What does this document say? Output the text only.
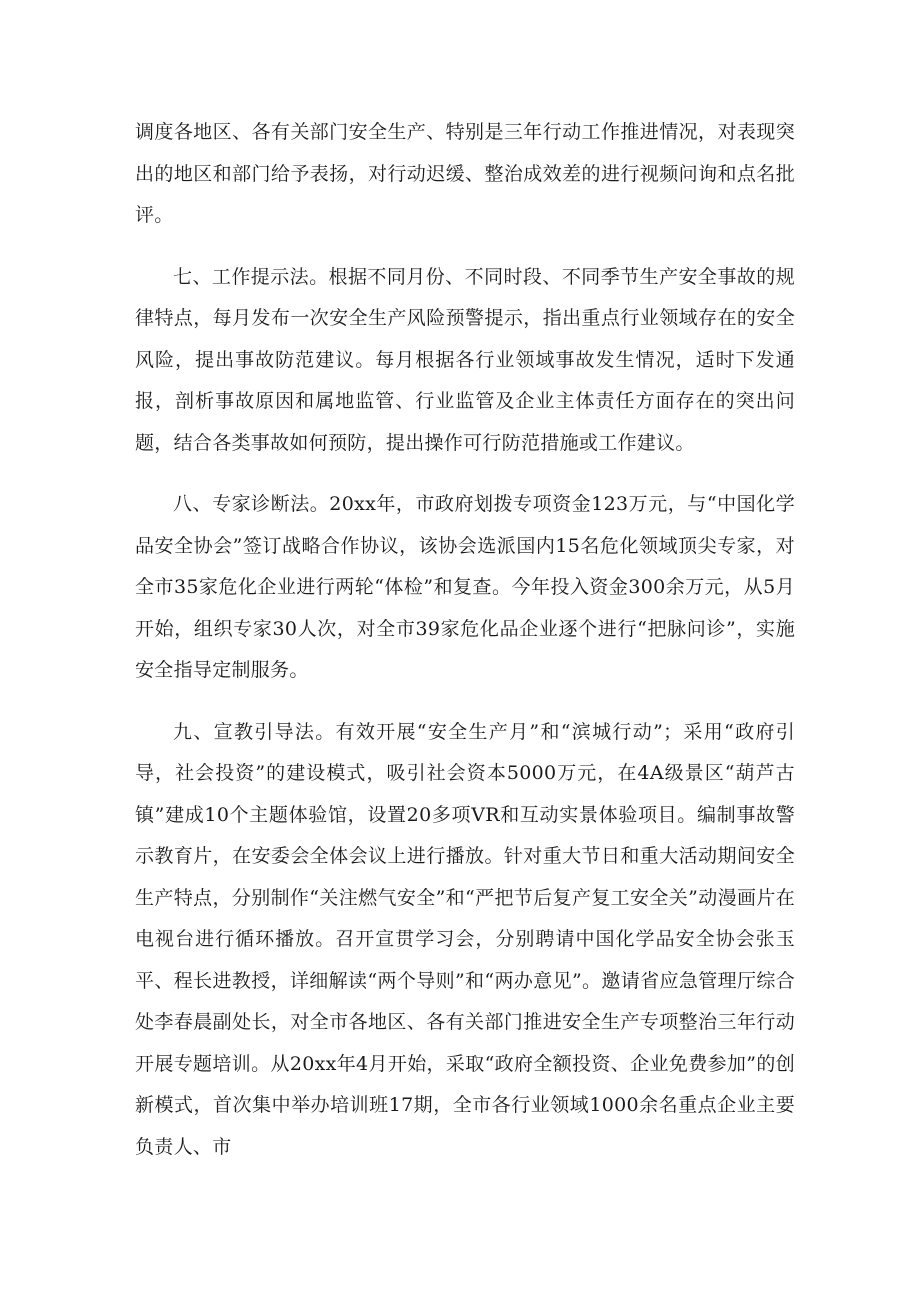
调度各地区、各有关部门安全生产、特别是三年行动工作推进情况，对表现突出的地区和部门给予表扬，对行动迟缓、整治成效差的进行视频问询和点名批评。

七、工作提示法。根据不同月份、不同时段、不同季节生产安全事故的规律特点，每月发布一次安全生产风险预警提示，指出重点行业领域存在的安全风险，提出事故防范建议。每月根据各行业领域事故发生情况，适时下发通报，剖析事故原因和属地监管、行业监管及企业主体责任方面存在的突出问题，结合各类事故如何预防，提出操作可行防范措施或工作建议。

八、专家诊断法。20xx年，市政府划拨专项资金123万元，与“中国化学品安全协会”签订战略合作协议，该协会选派国内15名危化领域顶尖专家，对全市35家危化企业进行两轮“体检”和复查。今年投入资金300余万元，从5月开始，组织专家30人次，对全市39家危化品企业逐个进行“把脉问诊”，实施安全指导定制服务。

九、宣教引导法。有效开展“安全生产月”和“滨城行动”；采用“政府引导，社会投资”的建设模式，吸引社会资本5000万元，在4A级景区“葫芦古镇”建成10个主题体验馆，设置20多项VR和互动实景体验项目。编制事故警示教育片，在安委会全体会议上进行播放。针对重大节日和重大活动期间安全生产特点，分别制作“关注燃气安全”和“严把节后复产复工安全关”动漫画片在电视台进行循环播放。召开宣贯学习会，分别聘请中国化学品安全协会张玉平、程长进教授，详细解读“两个导则”和“两办意见”。邀请省应急管理厅综合处李春晨副处长，对全市各地区、各有关部门推进安全生产专项整治三年行动开展专题培训。从20xx年4月开始，采取“政府全额投资、企业免费参加”的创新模式，首次集中举办培训班17期，全市各行业领域1000余名重点企业主要负责人、市
